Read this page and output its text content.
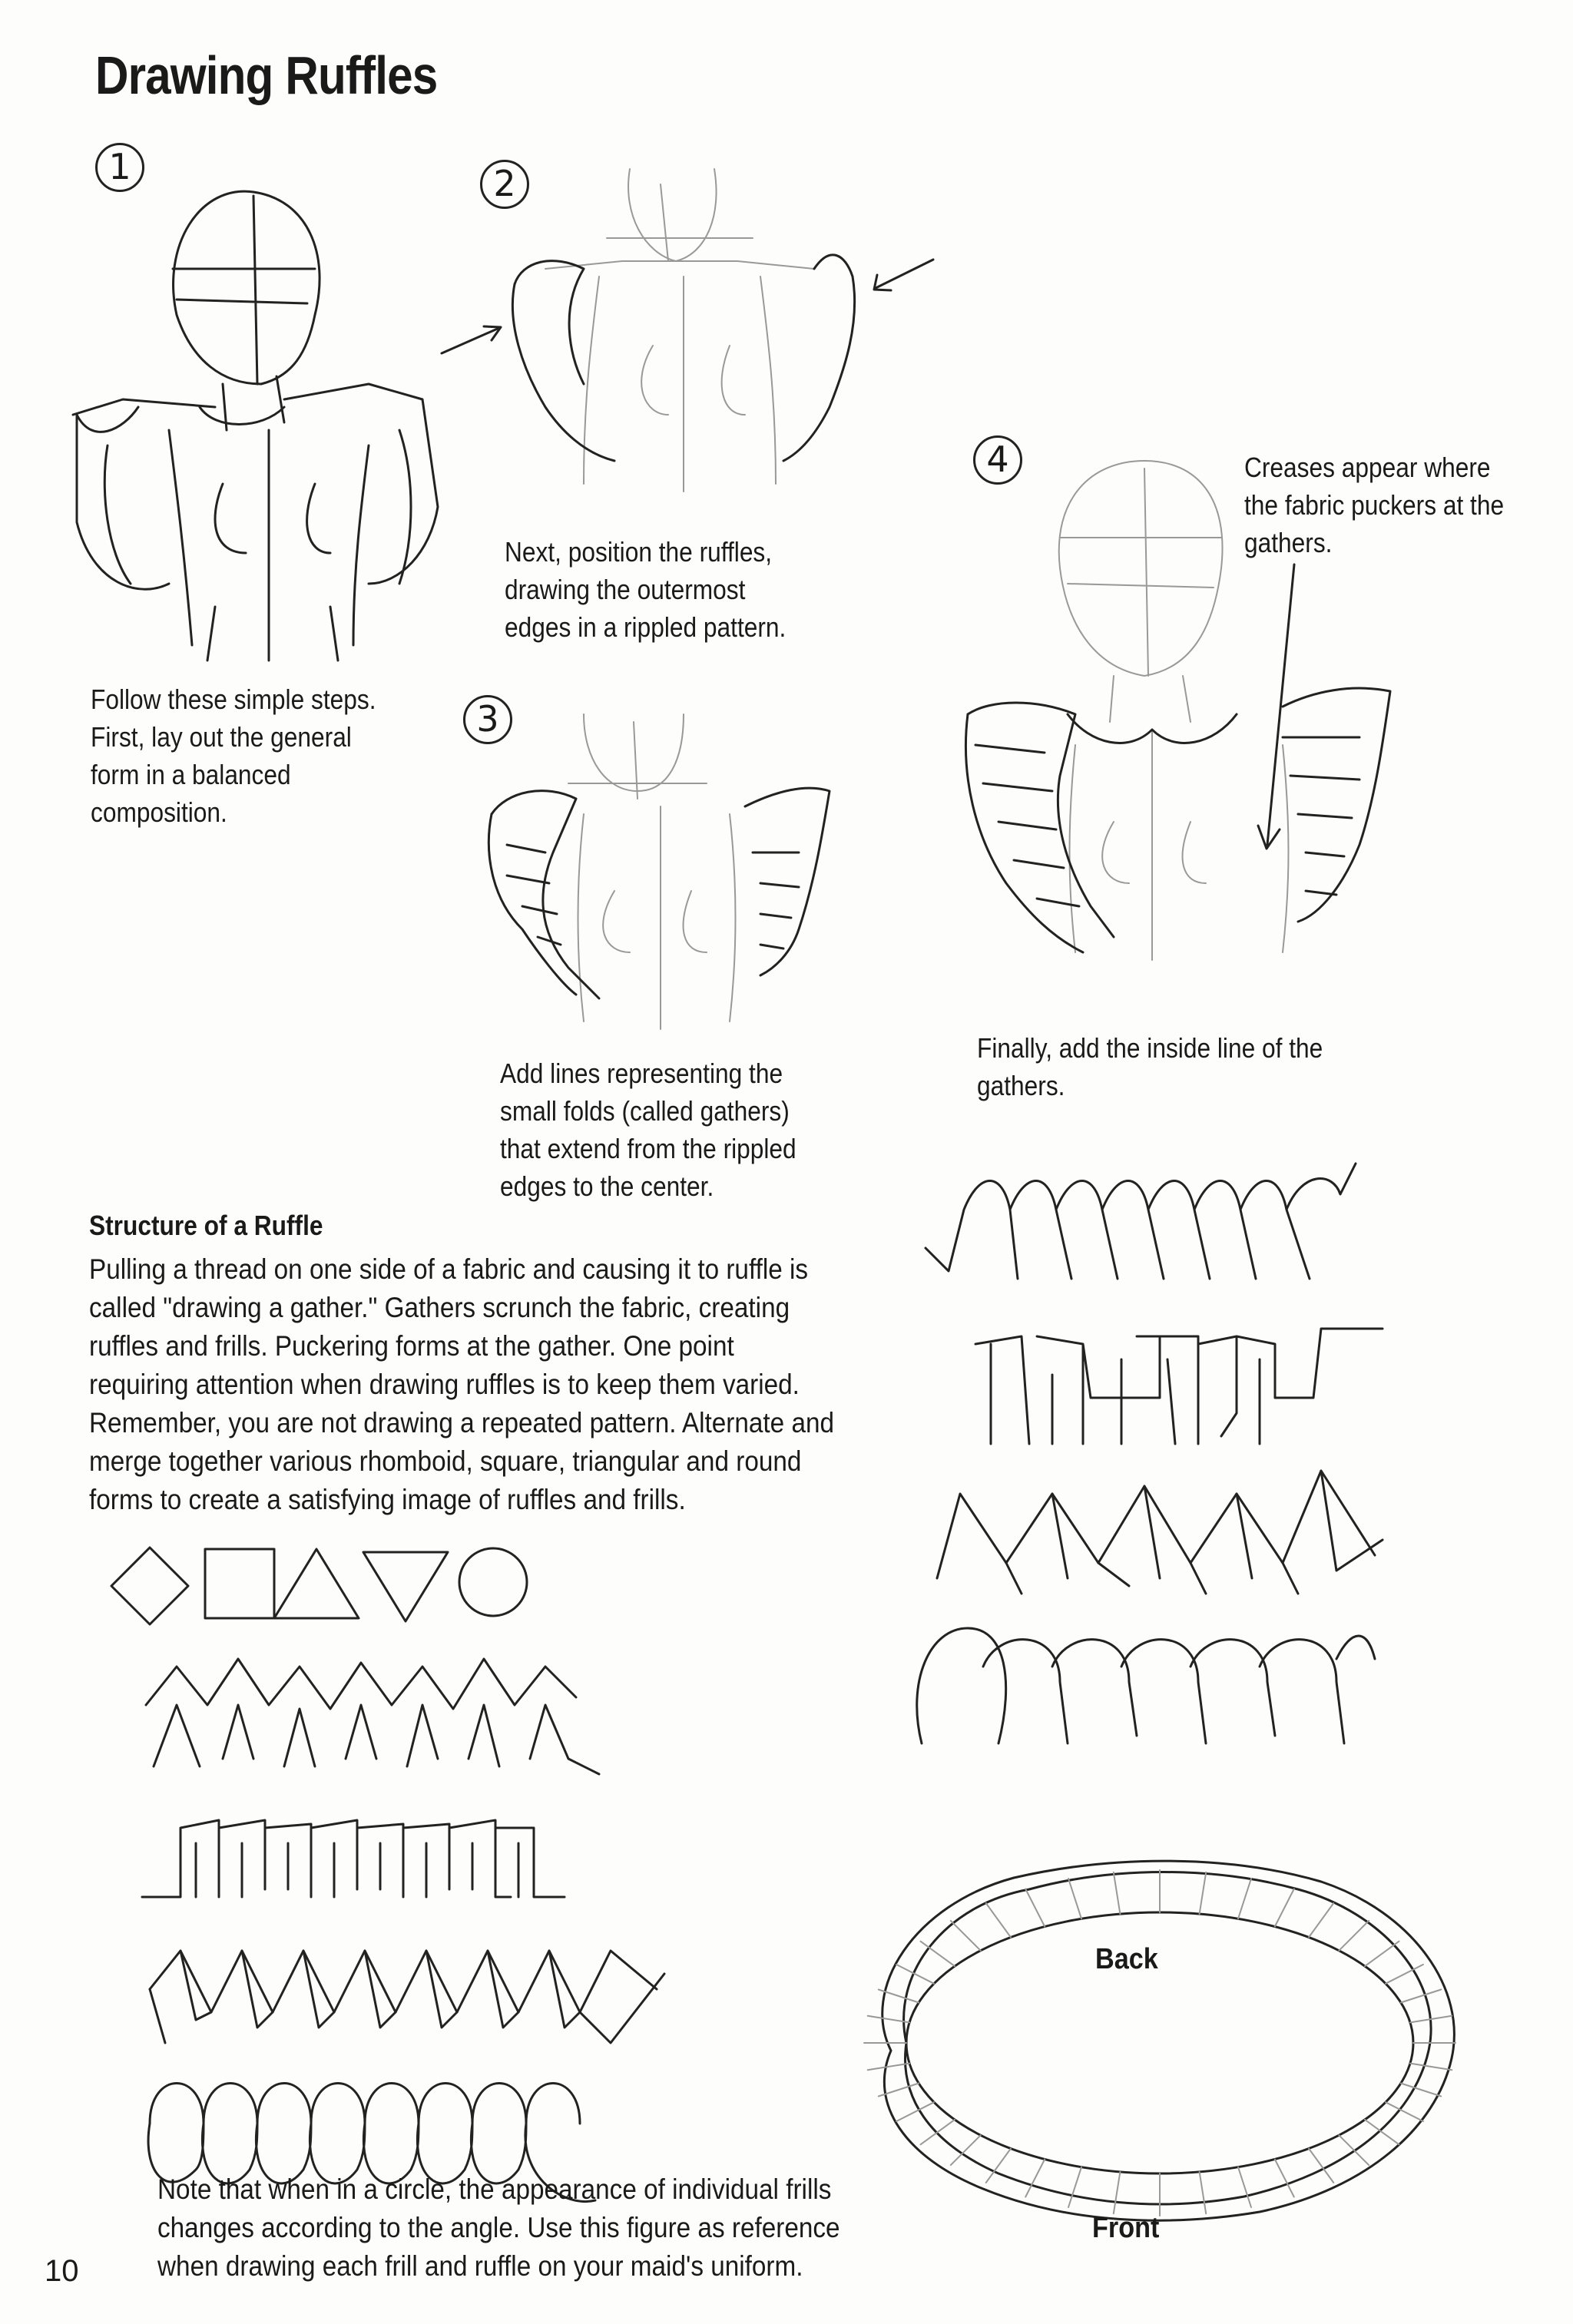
Drawing Ruffles
1	2
3
4
Follow these simple steps.
First, lay out the general
form in a balanced
composition.
Next, position the ruffles,
drawing the outermost
edges in a rippled pattern.
Add lines representing the
small folds (called gathers)
that extend from the rippled
edges to the center.
Creases appear where
the fabric puckers at the
gathers.
Finally, add the inside line of the
gathers.
Structure of a Ruffle
Pulling a thread on one side of a fabric and causing it to ruffle is
called "drawing a gather." Gathers scrunch the fabric, creating
ruffles and frills. Puckering forms at the gather. One point
requiring attention when drawing ruffles is to keep them varied.
Remember, you are not drawing a repeated pattern. Alternate and
merge together various rhomboid, square, triangular and round
forms to create a satisfying image of ruffles and frills.
Back
Front
Note that when in a circle, the appearance of individual frills
changes according to the angle. Use this figure as reference
when drawing each frill and ruffle on your maid's uniform.
10
